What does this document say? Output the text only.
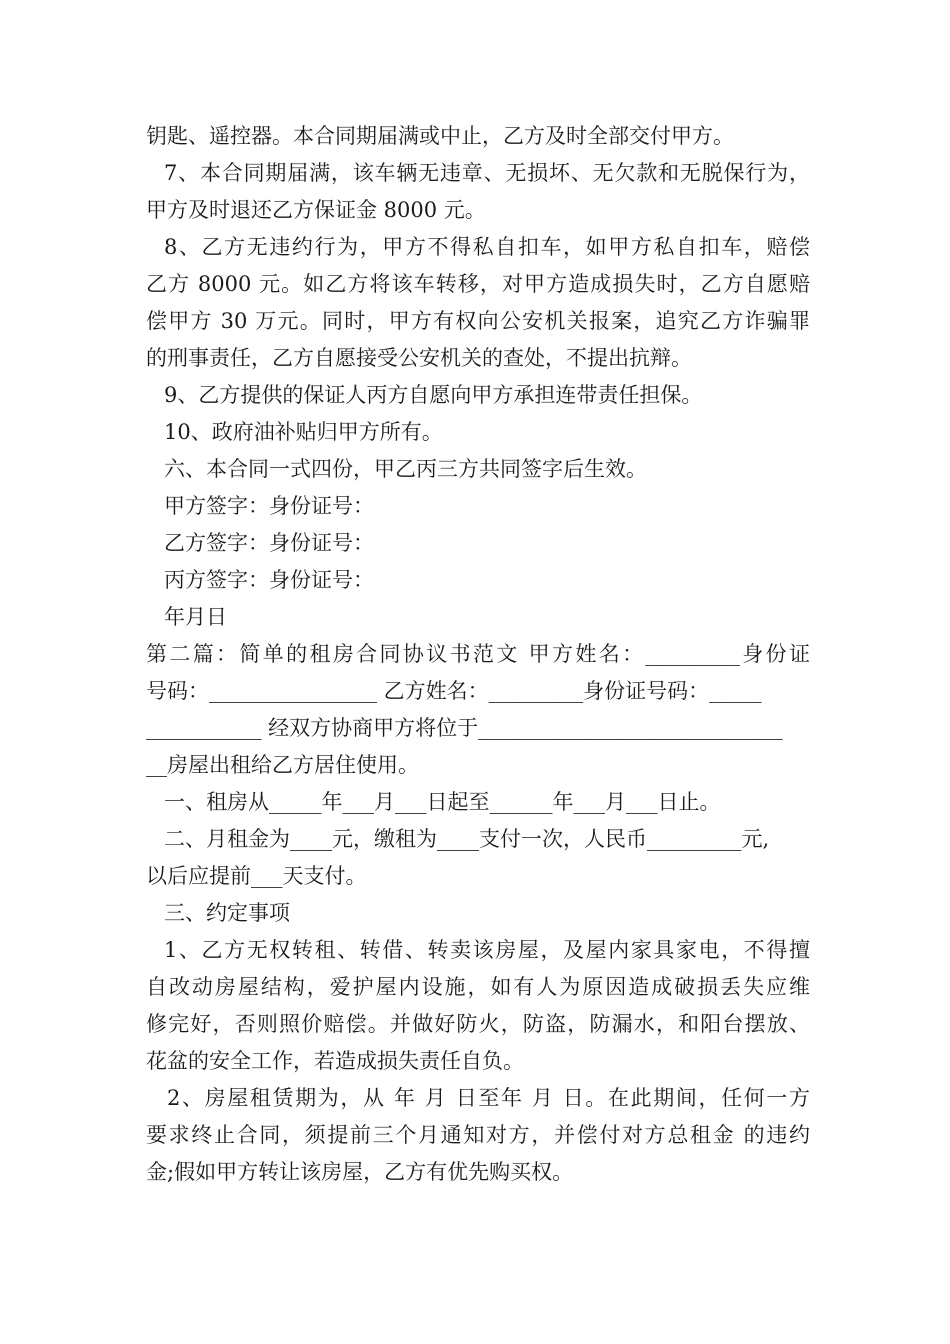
钥匙、遥控器。本合同期届满或中止，乙方及时全部交付甲方。
7、本合同期届满，该车辆无违章、无损坏、无欠款和无脱保行为，
甲方及时退还乙方保证金 8000 元。
8、乙方无违约行为，甲方不得私自扣车，如甲方私自扣车，赔偿
乙方 8000 元。如乙方将该车转移，对甲方造成损失时，乙方自愿赔
偿甲方 30 万元。同时，甲方有权向公安机关报案，追究乙方诈骗罪
的刑事责任，乙方自愿接受公安机关的查处，不提出抗辩。
9、乙方提供的保证人丙方自愿向甲方承担连带责任担保。
10、政府油补贴归甲方所有。
六、本合同一式四份，甲乙丙三方共同签字后生效。
甲方签字：身份证号：
乙方签字：身份证号：
丙方签字：身份证号：
年月日
第二篇：简单的租房合同协议书范文 甲方姓名：_________身份证
号码：________________ 乙方姓名：_________身份证号码：_____
___________ 经双方协商甲方将位于_____________________________
__房屋出租给乙方居住使用。
一、租房从_____年___月___日起至______年___月___日止。
二、月租金为____元，缴租为____支付一次，人民币_________元,
以后应提前___天支付。
三、约定事项
1、乙方无权转租、转借、转卖该房屋，及屋内家具家电，不得擅
自改动房屋结构，爱护屋内设施，如有人为原因造成破损丢失应维
修完好，否则照价赔偿。并做好防火，防盗，防漏水，和阳台摆放、
花盆的安全工作，若造成损失责任自负。
2、房屋租赁期为，从 年 月 日至年 月 日。在此期间，任何一方
要求终止合同，须提前三个月通知对方，并偿付对方总租金 的违约
金;假如甲方转让该房屋，乙方有优先购买权。
